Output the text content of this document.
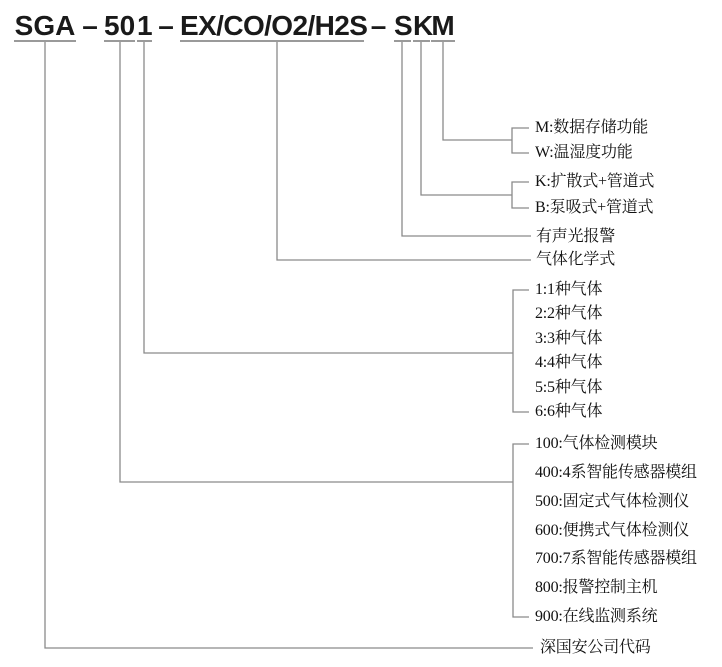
SGA – 50 1 – EX/CO/O2/H2S – S K
M
M:数据存储功能
W:温湿度功能
K:扩散式+管道式
B:泵吸式+管道式
有声光报警
气体化学式
1:1种气体
2:2种气体
3:3种气体
4:4种气体
5:5种气体
6:6种气体
100:气体检测模块
400:4系智能传感器模组
500:固定式气体检测仪
600:便携式气体检测仪
700:7系智能传感器模组
800:报警控制主机
900:在线监测系统
深国安公司代码
